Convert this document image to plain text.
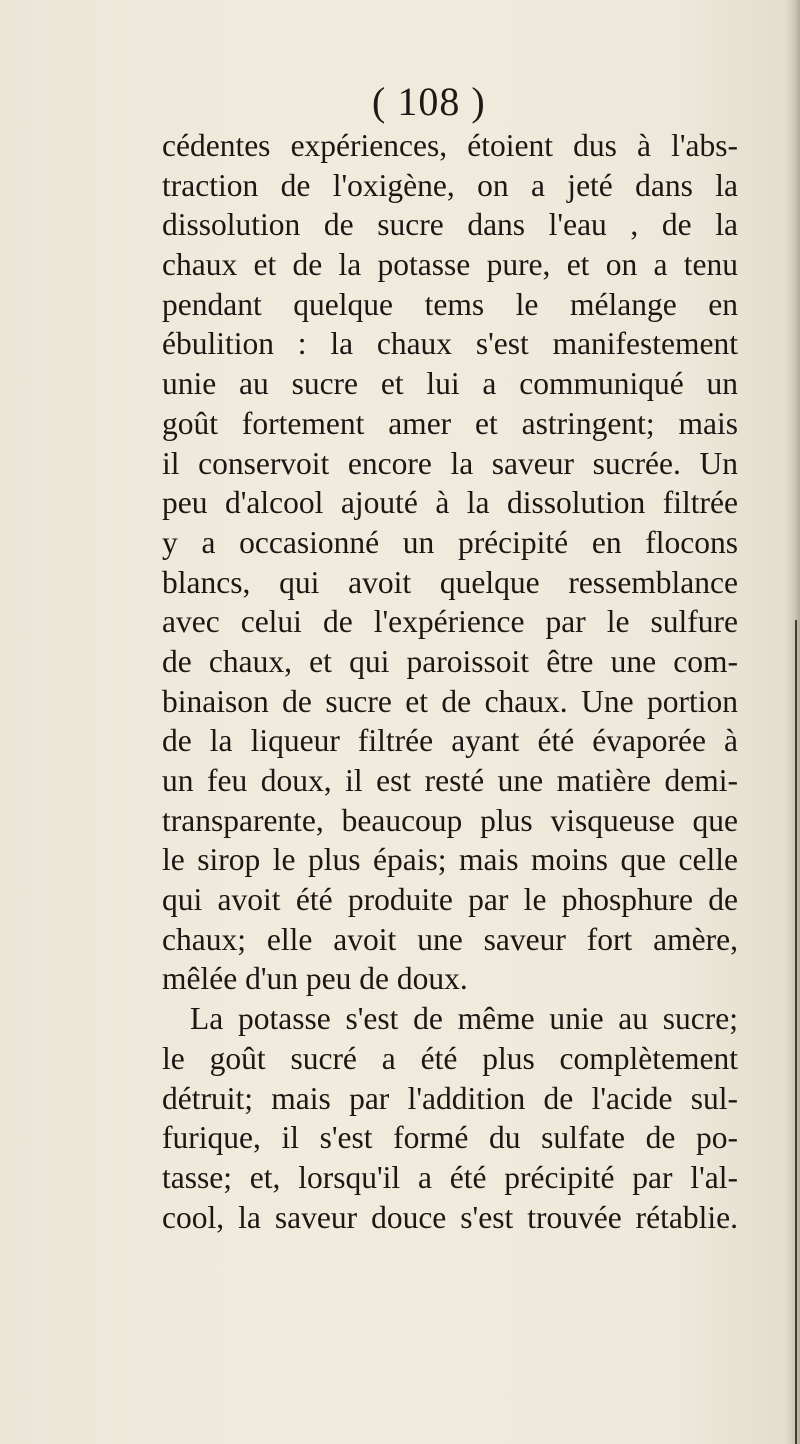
( 108 )
cédentes expériences, étoient dus à l'abs-
traction de l'oxigène, on a jeté dans la
dissolution de sucre dans l'eau , de la
chaux et de la potasse pure, et on a tenu
pendant quelque tems le mélange en
ébulition : la chaux s'est manifestement
unie au sucre et lui a communiqué un
goût fortement amer et astringent; mais
il conservoit encore la saveur sucrée. Un
peu d'alcool ajouté à la dissolution filtrée
y a occasionné un précipité en flocons
blancs, qui avoit quelque ressemblance
avec celui de l'expérience par le sulfure
de chaux, et qui paroissoit être une com-
binaison de sucre et de chaux. Une portion
de la liqueur filtrée ayant été évaporée à
un feu doux, il est resté une matière demi-
transparente, beaucoup plus visqueuse que
le sirop le plus épais; mais moins que celle
qui avoit été produite par le phosphure de
chaux; elle avoit une saveur fort amère,
mêlée d'un peu de doux.
La potasse s'est de même unie au sucre;
le goût sucré a été plus complètement
détruit; mais par l'addition de l'acide sul-
furique, il s'est formé du sulfate de po-
tasse; et, lorsqu'il a été précipité par l'al-
cool, la saveur douce s'est trouvée rétablie.
